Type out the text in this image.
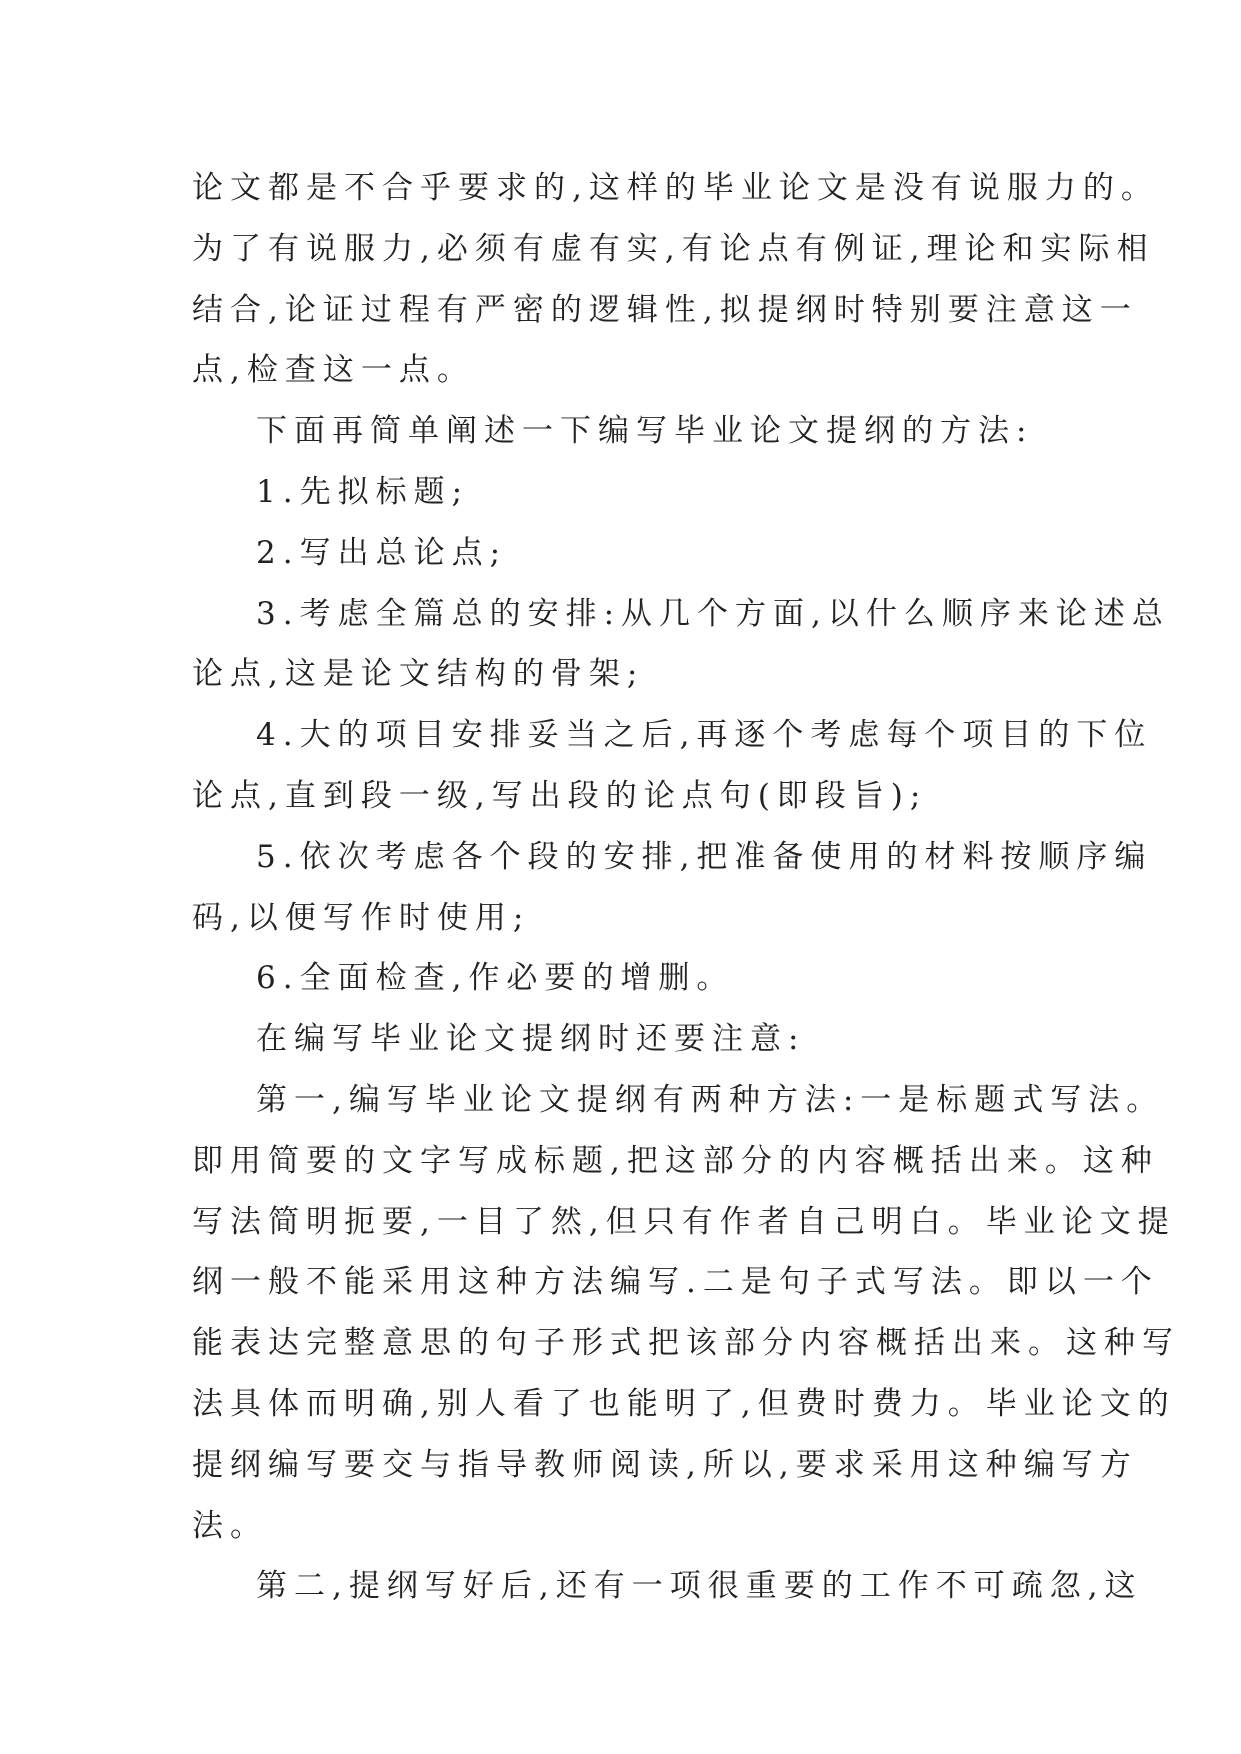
论文都是不合乎要求的,这样的毕业论文是没有说服力的。
为了有说服力,必须有虚有实,有论点有例证,理论和实际相
结合,论证过程有严密的逻辑性,拟提纲时特别要注意这一
点,检查这一点。
下面再简单阐述一下编写毕业论文提纲的方法:
1.先拟标题;
2.写出总论点;
3.考虑全篇总的安排:从几个方面,以什么顺序来论述总
论点,这是论文结构的骨架;
4.大的项目安排妥当之后,再逐个考虑每个项目的下位
论点,直到段一级,写出段的论点句(即段旨);
5.依次考虑各个段的安排,把准备使用的材料按顺序编
码,以便写作时使用;
6.全面检查,作必要的增删。
在编写毕业论文提纲时还要注意:
第一,编写毕业论文提纲有两种方法:一是标题式写法。
即用简要的文字写成标题,把这部分的内容概括出来。这种
写法简明扼要,一目了然,但只有作者自己明白。毕业论文提
纲一般不能采用这种方法编写.二是句子式写法。即以一个
能表达完整意思的句子形式把该部分内容概括出来。这种写
法具体而明确,别人看了也能明了,但费时费力。毕业论文的
提纲编写要交与指导教师阅读,所以,要求采用这种编写方
法。
第二,提纲写好后,还有一项很重要的工作不可疏忽,这
